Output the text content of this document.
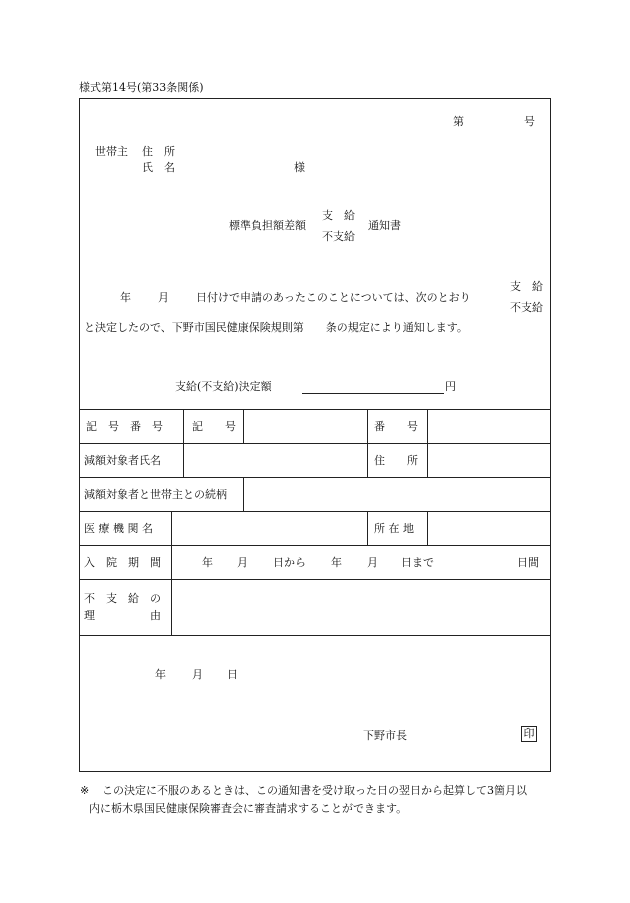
様式第14号(第33条関係)
第	号
世帯主 住　所
氏　名	様
標準負担額差額
支　給
不支給
通知書
年 月 日付けで申請のあったこのことについては、次のとおり
支　給
不支給
と決定したので、下野市国民健康保険規則第　　条の規定により通知します。
支給(不支給)決定額	円
記　号　番　号	記　　号	番　　号
減額対象者氏名	住　　所
減額対象者と世帯主との続柄
医 療 機 関 名	所 在 地
入　院　期　間	年 月 日から 年 月 日まで	日間
不　支　給　の
理　　　　　由
年 月 日
下野市長	印
※ この決定に不服のあるときは、この通知書を受け取った日の翌日から起算して3箇月以
内に栃木県国民健康保険審査会に審査請求することができます。
